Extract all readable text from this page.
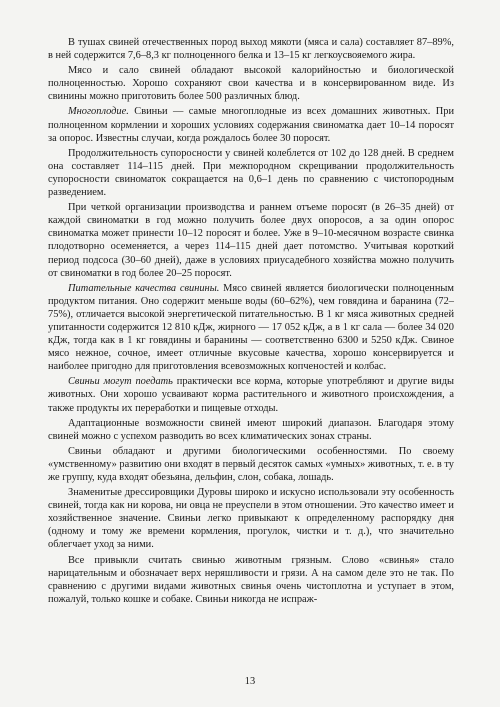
В тушах свиней отечественных пород выход мякоти (мяса и сала) составляет 87–89%, в ней содержится 7,6–8,3 кг полноценного белка и 13–15 кг легкоусвояемого жира.

Мясо и сало свиней обладают высокой калорийностью и биологической полноценностью. Хорошо сохраняют свои качества и в консервированном виде. Из свинины можно приготовить более 500 различных блюд.

Многоплодие. Свиньи — самые многоплодные из всех домашних животных. При полноценном кормлении и хороших условиях содержания свиноматка дает 10–14 поросят за опорос. Известны случаи, когда рождалось более 30 поросят.

Продолжительность супоросности у свиней колеблется от 102 до 128 дней. В среднем она составляет 114–115 дней. При межпородном скрещивании продолжительность супоросности свиноматок сокращается на 0,6–1 день по сравнению с чистопородным разведением.

При четкой организации производства и раннем отъеме поросят (в 26–35 дней) от каждой свиноматки в год можно получить более двух опоросов, а за один опорос свиноматка может принести 10–12 поросят и более. Уже в 9–10-месячном возрасте свинка плодотворно осеменяется, а через 114–115 дней дает потомство. Учитывая короткий период подсоса (30–60 дней), даже в условиях приусадебного хозяйства можно получить от свиноматки в год более 20–25 поросят.

Питательные качества свинины. Мясо свиней является биологически полноценным продуктом питания. Оно содержит меньше воды (60–62%), чем говядина и баранина (72–75%), отличается высокой энергетической питательностью. В 1 кг мяса животных средней упитанности содержится 12 810 кДж, жирного — 17 052 кДж, а в 1 кг сала — более 34 020 кДж, тогда как в 1 кг говядины и баранины — соответственно 6300 и 5250 кДж. Свиное мясо нежное, сочное, имеет отличные вкусовые качества, хорошо консервируется и наиболее пригодно для приготовления всевозможных копченостей и колбас.

Свиньи могут поедать практически все корма, которые употребляют и другие виды животных. Они хорошо усваивают корма растительного и животного происхождения, а также продукты их переработки и пищевые отходы.

Адаптационные возможности свиней имеют широкий диапазон. Благодаря этому свиней можно с успехом разводить во всех климатических зонах страны.

Свиньи обладают и другими биологическими особенностями. По своему «умственному» развитию они входят в первый десяток самых «умных» животных, т. е. в ту же группу, куда входят обезьяна, дельфин, слон, собака, лошадь.

Знаменитые дрессировщики Дуровы широко и искусно использовали эту особенность свиней, тогда как ни корова, ни овца не преуспели в этом отношении. Это качество имеет и хозяйственное значение. Свиньи легко привыкают к определенному распорядку дня (одному и тому же времени кормления, прогулок, чистки и т. д.), что значительно облегчает уход за ними.

Все привыкли считать свинью животным грязным. Слово «свинья» стало нарицательным и обозначает верх неряшливости и грязи. А на самом деле это не так. По сравнению с другими видами животных свинья очень чистоплотна и уступает в этом, пожалуй, только кошке и собаке. Свиньи никогда не испраж-

13
